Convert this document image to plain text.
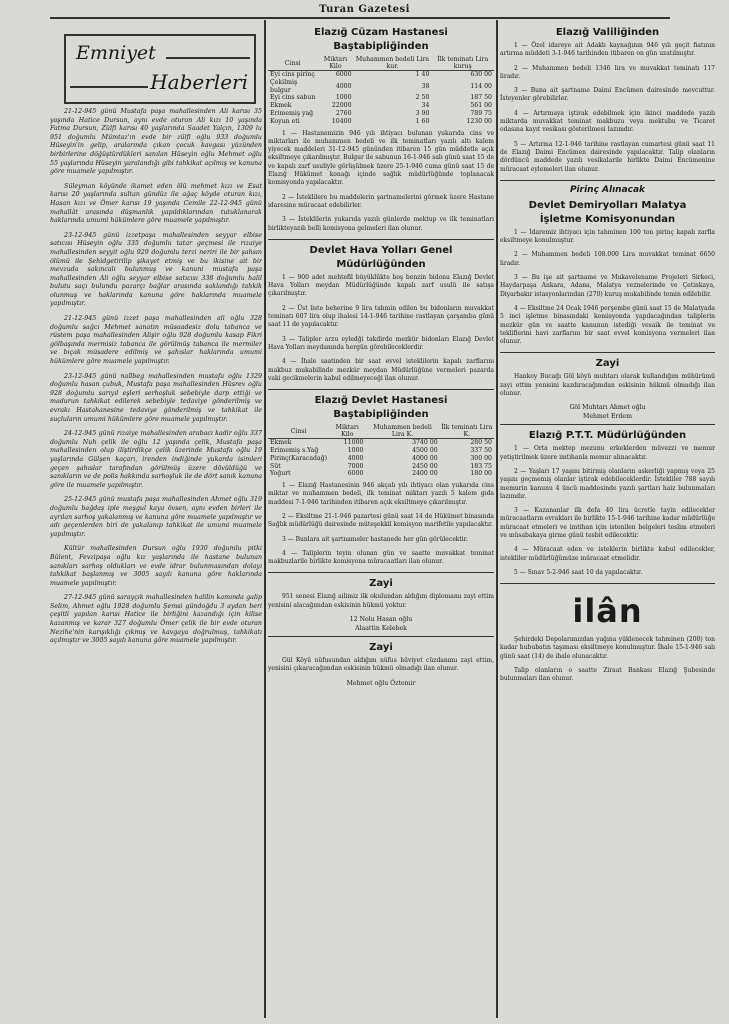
Turan Gazetesi
Emniyet
Haberleri

21-12-945 günü Mustafa paşa mahallesinden Ali karısı 35 yaşında Hatice Dursun, aynı evde oturan Ali kızı 10 yaşında Fatma Dursun, Zülfi karısı 40 yaşlarında Saadet Yalçın, 1309 lu 951 doğumlu Mümtaz'ın evde bir zülfi oğlu 933 doğumlu Hüseyin'in gelip, aralarında çıkan çocuk kavgası yüzünden birbirlerine döğüştürdükleri sanılan Hüseyin oğlu Mehmet oğlu 55 yaşlarında Hüseyin yaralandığı gibi tahkikat açılmış ve kanuna göre muamele yapılmıştır.

Süleyman köyünde ikamet eden ölü mehmet kızı ve Esat karısı 20 yaşlarında sultan gündüz ile ağaç köyde oturan kızı, Hasan kızı ve Ömer karısı 19 yaşında Cemile 22-12-945 günü mahallât arasında düşmanlık yapıldıklarından tutuklanarak haklarında umumi hükümlere göre muamele yapılmıştır.

23-12-945 günü izzetpaşa mahallesinden seyyar elbise satıcısı Hüseyin oğlu 335 doğumlu tatar geçmesi ile rızaiye mahallesinden seyyit oğlu 929 doğumlu terzi neriri ile bir şahsın ölümü ile Şehidgetirilip şikayet etmiş ve bu ikisine ait bir mevzuda sakıncalı bulunmuş ve kanuni mustafa paşa mahallesinden Ali oğlu seyyar elbise satıcısı 338 doğumlu halil bulutu saçı bulundu pazarçı bağlar arasında saklandığı tahkik olunmuş ve haklarında kanuna göre haklarında muamele yapılmıştır.

21-12-945 günü izzet paşa mahallesinden ali oğlu 328 doğumlu sağcı Mehmet sanatın müsaadesiz dolu tabanca ve rüstem paşa mahallesinden Alişir oğlu 928 doğumlu kasap Fikri gölbaşında mermisiz tabanca ile görülmüş tabanca ile mermiler ve bıçak müsadere edilmiş ve şahıslar haklarında umumi hükümlere göre muamele yapılmıştır.

23-12-945 günü naîlbeg mahallesinden mustafa oğlu 1329 doğumlu hasan çubuk, Mustafa paşa mahallesinden Hüsrev oğlu 928 doğumlu sarıyıl eşleri serhoşluk sebebiyle darp ettiği ve madurun tahkikat edilerek sebebiyle tedaviye gönderilmiş ve evrakı Hastahanesine tedaviye gönderilmiş ve tahkikat ile suçluların umumi hükümlere göre muamele yapılmıştır.

24-12-945 günü rızaiye mahallesinden arabacı kadir oğlu 337 doğumlu Nuh çelik ile oğlu 12 yaşında çelik, Mustafa paşa mahallesinden olup iliştirdikçe çelik üzerinde Mustafa oğlu 19 yaşlarında Gülşen kaçarı, irenden indiğinde yukarda isimleri geçen şahıslar tarafından görülmüş üzere dövüldüğü ve sanıkların ve de polis hakkında sarhoşluk ile de dört sanık kanuna göre ile muamele yapılmıştır.

25-12-945 günü mustafa paşa mahallesinden Ahmet oğlu 319 doğumlu bağdaş iple meşgul kaya övsen, aynı evden birleri ile ayrılan sarhoş yakalanmış ve kanuna göre muamele yapılmıştır ve adı geçenlerden biri de yakalanıp tahkikat ile umumi muamele yapılmıştır.

Kültür mahallesinden Dursun oğlu 1930 doğumlu pitki Bülent, Fevzipaşa oğlu kız yaşlarında ile hastane bulunan sanıkları sarhoş oldukları ve evde idrar bulunmasından dolayı tahkikat başlanmış ve 3005 sayılı kanuna göre haklarında muamele yapılmıştır.

27-12-945 günü sarayçık mahallesinden halilin kamında galip Selim, Ahmet oğlu 1928 doğumlu Şemsi gündoğdu 3 aydan beri çeşitli yapılan karısı Hatice ile birliğini kazandığı için kilise kazanmış ve karar 327 doğumlu Ömer çelik ile bir evde oturan Nezihe'nin karışıklığı çıkmış ve kavgaya doğrulmuş, tahkikatı açılmıştır ve 3005 sayılı kanuna göre muamele yapılmıştır.

Elazığ Cüzam Hastanesi
Baştabipliğinden
Cinsi	Miktarı Kilo	Muhammen bedeli Lira kur.	İlk teminatı Lira kuruş
Eyi cins pirinç	6000	1 40	630 00
Çekilmiş bulgur	4000	38	114 00
Eyi cins sabun	1000	2 50	187 50
Ekmek	22000	34	561 00
Erimemiş yağ	2760	3 90	789 75
Koyun eti	10400	1 60	1230 00

1 — Hastanemizin 946 yılı ihtiyacı bulunan yukarıda cins ve miktarları ile muhammen bedeli ve ilk teminatları yazılı altı kalem yiyecek maddeleri 31-12-945 gününden itibaren 15 gün müddetle açık eksiltmeye çıkarılmıştır. Bulgur ile sabunun 16-1-946 salı günü saat 15 de ve kapalı zarf usuliyle görüşülmek üzere 25-1-946 cuma günü saat 15 de Elazığ Hükümet konağı içinde sağlık müdürlüğünde toplanacak komisyonda yapılacaktır.

2 — İsteklilere bu maddelerin şartnamelerini görmek üzere Hastane idaresine müracaat edebilirler.

3 — İsteklilerin yukarıda yazılı günlerde mektup ve ilk teminatları birlikteyazılı belli komisyona gelmeleri ilan olunur.

Devlet Hava Yolları Genel
Müdürlüğünden

1 — 900 adet mehtefil büyüklükte boş benzin bidonu Elazığ Devlet Hava Yolları meydan Müdürlüğünde kapalı zarf usulü ile satışa çıkarılmıştır.

2 — Üst liste beherine 9 lira tahmin edilen bu bidonların muvakkat teminatı 607 lira olup ihalesi 14-1-946 tarihine rastlayan çarşamba günü saat 11 de yapılacaktır.

3 — Talipler arzu eyledği takdirde mezkûr bidonları Elazığ Devlet Hava Yolları meydanında hergün görebileceklerdir.

4 — İhale saatinden bir saat evvel isteklilerin kapalı zarflarını makbuz mukabilinde mezkûr meydan Müdürlüğüne vermeleri pazarda vaki gecikmelerin kabul edilmeyeceği ilan olunur.

Elazığ Devlet Hastanesi
Baştabipliğinden
Cinsi	Miktarı Kilo	Muhammen bedeli Lira K.	İlk teminatı Lira K.
Ekmek	11000	3740 00	280 50
Erimemiş s.Yağ	1000	4500 00	337 50
Pirinç(Karacadağ)	4000	4000 00	300 00
Süt	7000	2450 00	183 75
Yoğurt	6000	2400 00	180 00

1 — Elazığ Hastanesinin 946 akçalı yılı ihtiyacı olan yukarıda cins miktar ve muhammen bedeli, ilk teminat miktarı yazılı 5 kalem gıda maddesi 7-1-946 tarihinden itibaren açık eksiltmeye çıkarılmıştır.

2 — Eksiltme 21-1-946 pazartesi günü saat 14 de Hükümet binasında Sağlık müdürlüğü dairesinde müteşekkil komisyon marifetile yapılacaktır.

3 — Bunlara ait şartnameler hastanede her gün görülecektir.

4 — Taliplerin teyin olunan gün ve saatte muvakkat teminat makbuzlarile birlikte komisyona müracaatları ilan olunur.

Zayi

951 senesi Elazığ ailimiz ilk okulundan aldığım diplomamı zayi ettim yenisini alacağımdan eskisinin hükmü yoktur.

12 Nolu Hasan oğlu
Alaattin Kelebek
Zayi

Gül Köyü nüfusundan aldığım nüfus hüviyet cüzdanımı zayi ettim, yenisini çıkaracağımdan eskisinin hükmü olmadığı ilan olunur.

Mehmet oğlu Öztemir
Elazığ Valiliğinden

1 — Özel idareye ait Adaklı kaynağının 946 yılı geçit fiatının artırma müddeti 3-1-946 tarihinden itibaren on gün uzatılmıştır.

2 — Muhammen bedeli 1346 lira ve muvakkat teminatı 117 liradır.

3 — Buna ait şartname Daimi Encümen dairesinde mevcuttur. İsteyenler görebilirler.

4 — Artırmaya iştirak edebilmek için ikinci maddede yazılı miktarda muvakkat teminat makbuzu veya mektubu ve Ticaret odasına kayıt vesikası gösterilmesi lazımdır.

5 — Artırma 12-1-946 tarihine rastlayan cumartesi günü saat 11 de Elazığ Daimi Encümen dairesinde yapılacaktır. Talip olanların dördüncü maddede yazılı vesikalarile birlikte Daimi Encümenine müracaat eylemeleri ilan olunur.

Pirinç Alınacak
Devlet Demiryolları Malatya
İşletme Komisyonundan

1 — İdaremiz ihtiyacı için tahminen 100 ton pirinç kapalı zarfla eksiltmeye konulmuştur.

2 — Muhammen bedeli 108.000 Lira muvakkat teminat 6650 liradır.

3 — Bu işe ait şartname ve Mukavelename Projeleri Sirkeci, Haydarpaşa Ankara, Adana, Malatya veznelerinde ve Çetinkaya, Diyarbakır istasyonlarından (270) kuruş mukabilinde temin edilebilir.

4 — Eksiltme 24 Ocak 1946 perşembe günü saat 15 de Malatyada 5 inci işletme binasındaki komisyonda yapılacağından taliplerin mezkûr gün ve saatte kanunun istediği vesaik ile teminat ve tekliflerini havi zarflarını bir saat evvel komisyona vermeleri ilan olunur.

Zayi

Hankoy Bucağı Göl köyü muhtarı olarak kullandığım mühürümü zayi ettim yenisini kazdıracağımdan eskisinin hükmü olmadığı ilan olunur.

Göl Muhtarı Ahmet oğlu
Mehmet Erdem
Elazığ P.T.T. Müdürlüğünden

1 — Orta mektep mezunu erkeklerden müvezzi ve memur yetiştirilmek üzere imtihanla memur alınacaktır.

2 — Yaşları 17 yaşını bitirmiş olanların askerliği yapmış veya 25 yaşını geçmemiş olanlar iştirak edebileceklerdir. İstekliler 788 sayılı memurin kanunu 4 üncü maddesinde yazılı şartları haiz bulunmaları lazımdır.

3 — Kazananlar ilk defa 40 lira ücretle tayin edilecekler müracaatların evrakları ile birlikte 15-1-946 tarihine kadar müdürlüğe müracaat etmeleri ve imtihan için istenilen belgeleri teslim etmeleri ve müsabakaya girme günü tesbit edilecektir.

4 — Müracaat eden ve isteklerin birlikte kabul edilecekler, istekliler müdürlüğümüze müracaat etmelidir.

5 — Sınav 5-2-946 saat 10 da yapılacaktır.

ilân

Şehirdeki Depolarımızdan yağına yüklenecek tahminen (200) ton kadar hububatın taşıması eksiltmeye konulmuştur. İhale 15-1-946 salı günü saat (14) de ihale olunacaktır.

Talip olanların o saatte Ziraat Bankası Elazığ Şubesinde bulunmaları ilan olunur.
